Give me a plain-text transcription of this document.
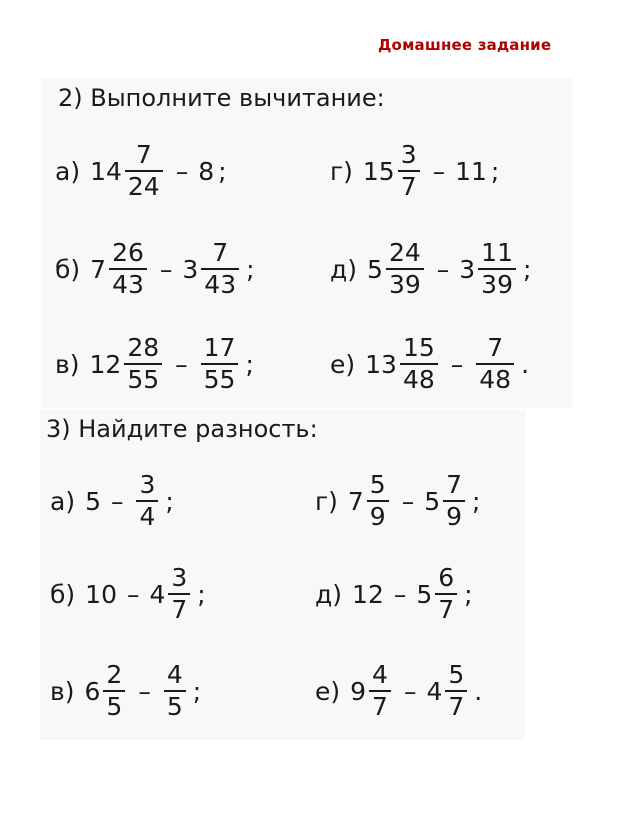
Домашнее задание
2) Выполните вычитание:
3) Найдите разность:
а) $14 \frac{7}{24} - 8$ ;	г) $15 \frac{3}{7} - 11$ ;
б) $7 \frac{26}{43} - 3 \frac{7}{43}$ ;	д) $5 \frac{24}{39} - 3 \frac{11}{39}$ ;
в) $12 \frac{28}{55} - \frac{17}{55}$ ;	е) $13 \frac{15}{48} - \frac{7}{48}$ .
а) $5 - \frac{3}{4}$ ;	г) $7 \frac{5}{9} - 5 \frac{7}{9}$ ;
б) $10 - 4 \frac{3}{7}$ ;	д) $12 - 5 \frac{6}{7}$ ;
в) $6 \frac{2}{5} - \frac{4}{5}$ ;	е) $9 \frac{4}{7} - 4 \frac{5}{7}$ .
